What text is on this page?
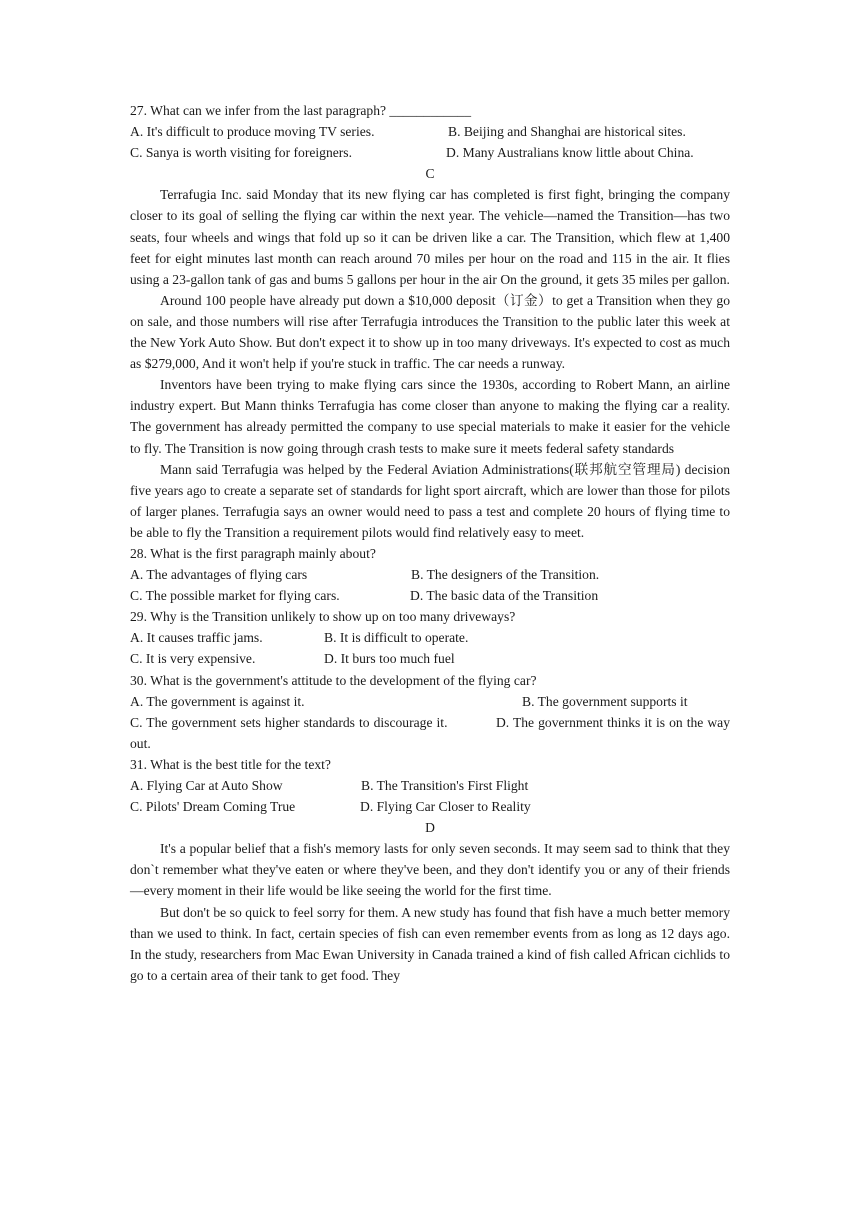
27. What can we infer from the last paragraph? ____________
A. It's difficult to produce moving TV series.	B. Beijing and Shanghai are historical sites.
C. Sanya is worth visiting for foreigners.	D. Many Australians know little about China.
C

Terrafugia Inc. said Monday that its new flying car has completed is first fight, bringing the company closer to its goal of selling the flying car within the next year. The vehicle—named the Transition—has two seats, four wheels and wings that fold up so it can be driven like a car. The Transition, which flew at 1,400 feet for eight minutes last month can reach around 70 miles per hour on the road and 115 in the air. It flies using a 23-gallon tank of gas and bums 5 gallons per hour in the air On the ground, it gets 35 miles per gallon.

Around 100 people have already put down a $10,000 deposit（订金）to get a Transition when they go on sale, and those numbers will rise after Terrafugia introduces the Transition to the public later this week at the New York Auto Show. But don't expect it to show up in too many driveways. It's expected to cost as much as $279,000, And it won't help if you're stuck in traffic. The car needs a runway.

Inventors have been trying to make flying cars since the 1930s, according to Robert Mann, an airline industry expert. But Mann thinks Terrafugia has come closer than anyone to making the flying car a reality. The government has already permitted the company to use special materials to make it easier for the vehicle to fly. The Transition is now going through crash tests to make sure it meets federal safety standards

Mann said Terrafugia was helped by the Federal Aviation Administrations(联邦航空管理局) decision five years ago to create a separate set of standards for light sport aircraft, which are lower than those for pilots of larger planes. Terrafugia says an owner would need to pass a test and complete 20 hours of flying time to be able to fly the Transition a requirement pilots would find relatively easy to meet.

28. What is the first paragraph mainly about?
A. The advantages of flying cars	B. The designers of the Transition.
C. The possible market for flying cars.	D. The basic data of the Transition
29. Why is the Transition unlikely to show up on too many driveways?
A. It causes traffic jams.	B. It is difficult to operate.
C. It is very expensive.	D. It burs too much fuel
30. What is the government's attitude to the development of the flying car?
A. The government is against it.	B. The government supports it

C. The government sets higher standards to discourage it.            D. The government thinks it is on the way out.

31. What is the best title for the text?
A. Flying Car at Auto Show	B. The Transition's First Flight
C. Pilots' Dream Coming True	D. Flying Car Closer to Reality
D

It's a popular belief that a fish's memory lasts for only seven seconds. It may seem sad to think that they don`t remember what they've eaten or where they've been, and they don't identify you or any of their friends—every moment in their life would be like seeing the world for the first time.

But don't be so quick to feel sorry for them. A new study has found that fish have a much better memory than we used to think. In fact, certain species of fish can even remember events from as long as 12 days ago. In the study, researchers from Mac Ewan University in Canada trained a kind of fish called African cichlids to go to a certain area of their tank to get food. They
